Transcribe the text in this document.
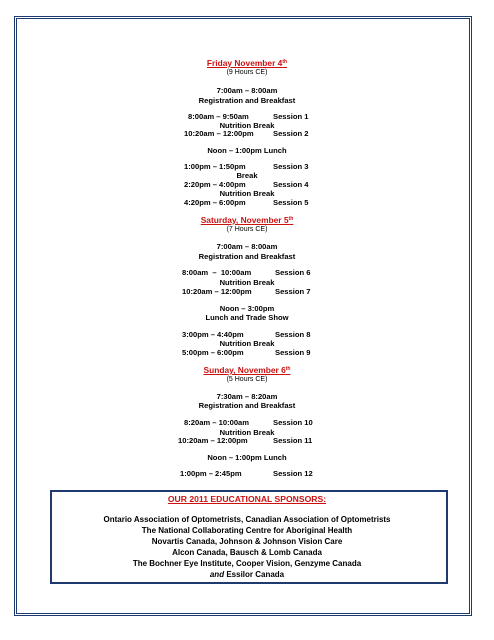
Friday November 4th
(9 Hours CE)
7:00am – 8:00am
Registration and Breakfast
8:00am – 9:50am	Session 1
Nutrition Break
10:20am – 12:00pm	Session 2
Noon – 1:00pm Lunch
1:00pm – 1:50pm	Session 3
Break
2:20pm – 4:00pm	Session 4
Nutrition Break
4:20pm – 6:00pm	Session 5
Saturday, November 5th
(7 Hours CE)
7:00am – 8:00am
Registration and Breakfast
8:00am  –  10:00am	Session 6
Nutrition Break
10:20am – 12:00pm	Session 7
Noon – 3:00pm
Lunch and Trade Show
3:00pm – 4:40pm	Session 8
Nutrition Break
5:00pm – 6:00pm	Session 9
Sunday, November 6th
(5 Hours CE)
7:30am – 8:20am
Registration and Breakfast
8:20am – 10:00am	Session 10
Nutrition Break
10:20am – 12:00pm	Session 11
Noon – 1:00pm Lunch
1:00pm – 2:45pm	Session 12
OUR 2011 EDUCATIONAL SPONSORS:
Ontario Association of Optometrists, Canadian Association of Optometrists
The National Collaborating Centre for Aboriginal Health
Novartis Canada, Johnson & Johnson Vision Care
Alcon Canada, Bausch & Lomb Canada
The Bochner Eye Institute, Cooper Vision, Genzyme Canada
and Essilor Canada
